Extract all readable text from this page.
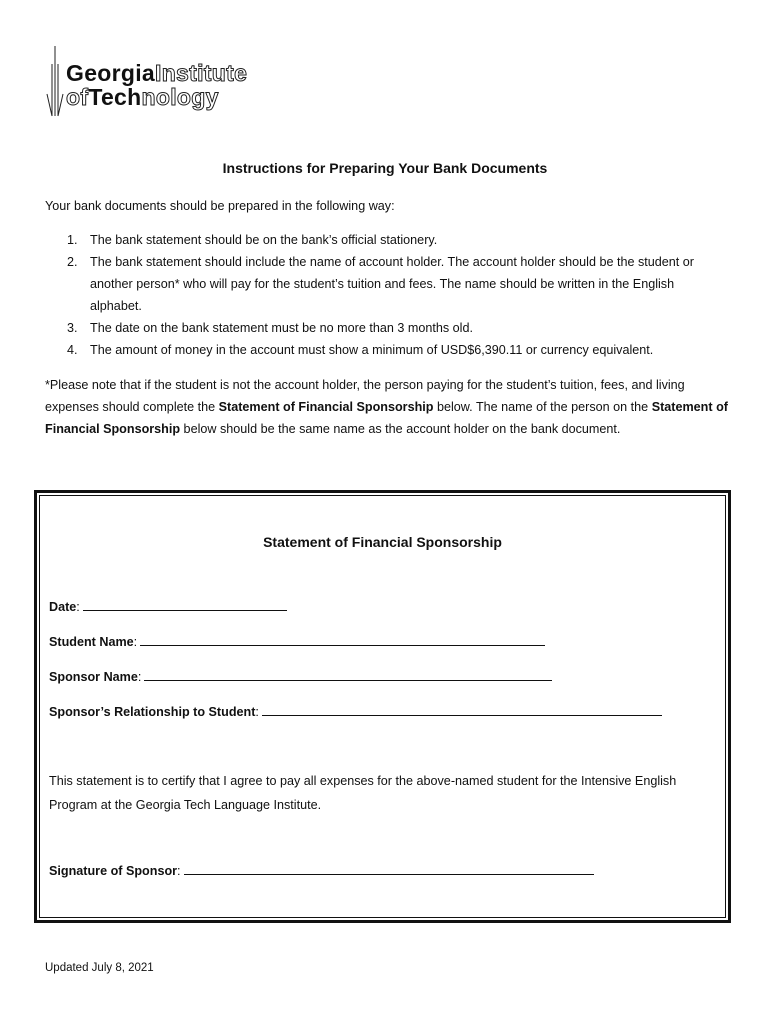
GeorgiaInstitute
ofTechnology
Instructions for Preparing Your Bank Documents
Your bank documents should be prepared in the following way:
1. The bank statement should be on the bank’s official stationery.
2. The bank statement should include the name of account holder. The account holder should be the student or another person* who will pay for the student’s tuition and fees. The name should be written in the English alphabet.
3. The date on the bank statement must be no more than 3 months old.
4. The amount of money in the account must show a minimum of USD$6,390.11 or currency equivalent.
*Please note that if the student is not the account holder, the person paying for the student’s tuition, fees, and living expenses should complete the Statement of Financial Sponsorship below. The name of the person on the Statement of Financial Sponsorship below should be the same name as the account holder on the bank document.
Statement of Financial Sponsorship
Date:
Student Name:
Sponsor Name:
Sponsor’s Relationship to Student:
This statement is to certify that I agree to pay all expenses for the above-named student for the Intensive English Program at the Georgia Tech Language Institute.
Signature of Sponsor:
Updated July 8, 2021
